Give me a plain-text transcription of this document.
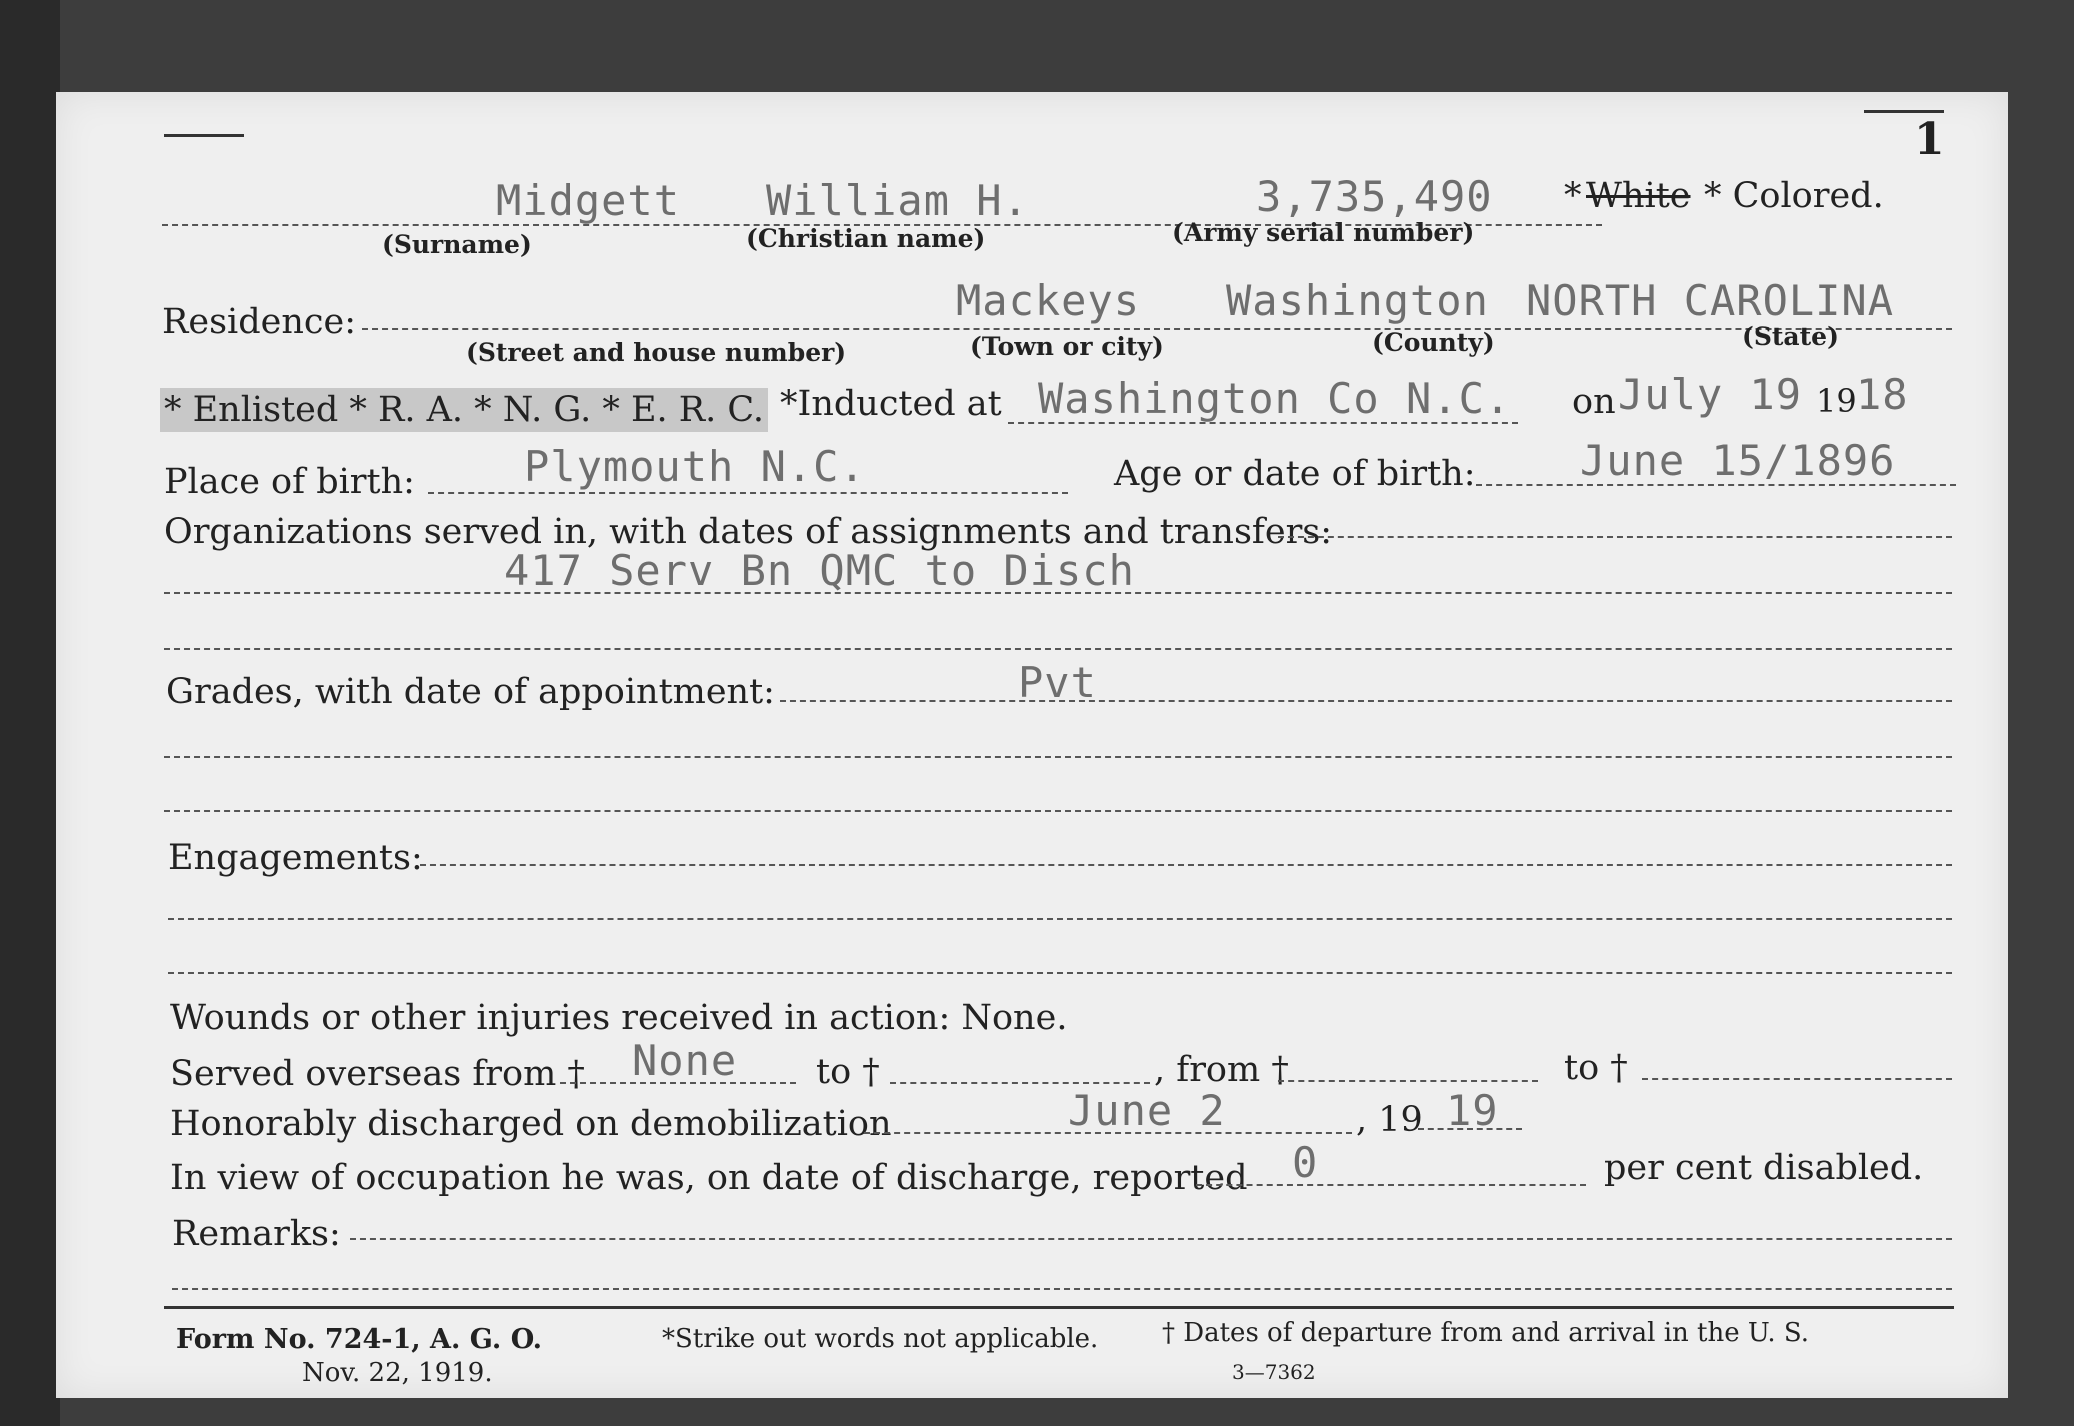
1
Midgett William H.	3,735,490 * White * Colored.
(Surname)	(Christian name)	(Army serial number)
Residence:	Mackeys Washington NORTH CAROLINA
(Street and house number)	(Town or city)	(County)	(State)
* Enlisted * R. A. * N. G. * E. R. C. *Inducted at Washington Co N.C. on July 19 19 18
Place of birth:	Plymouth N.C.	Age or date of birth: June 15/1896
Organizations served in, with dates of assignments and transfers:
417 Serv Bn QMC to Disch
Grades, with date of appointment:	Pvt
Engagements:
Wounds or other injuries received in action: None.
Served overseas from † None to †	, from †	to †
Honorably discharged on demobilization	June 2	, 19 19
In view of occupation he was, on date of discharge, reported 0	per cent disabled.
Remarks:
Form No. 724-1, A. G. O.
Nov. 22, 1919.
*Strike out words not applicable. † Dates of departure from and arrival in the U. S.
3—7362
